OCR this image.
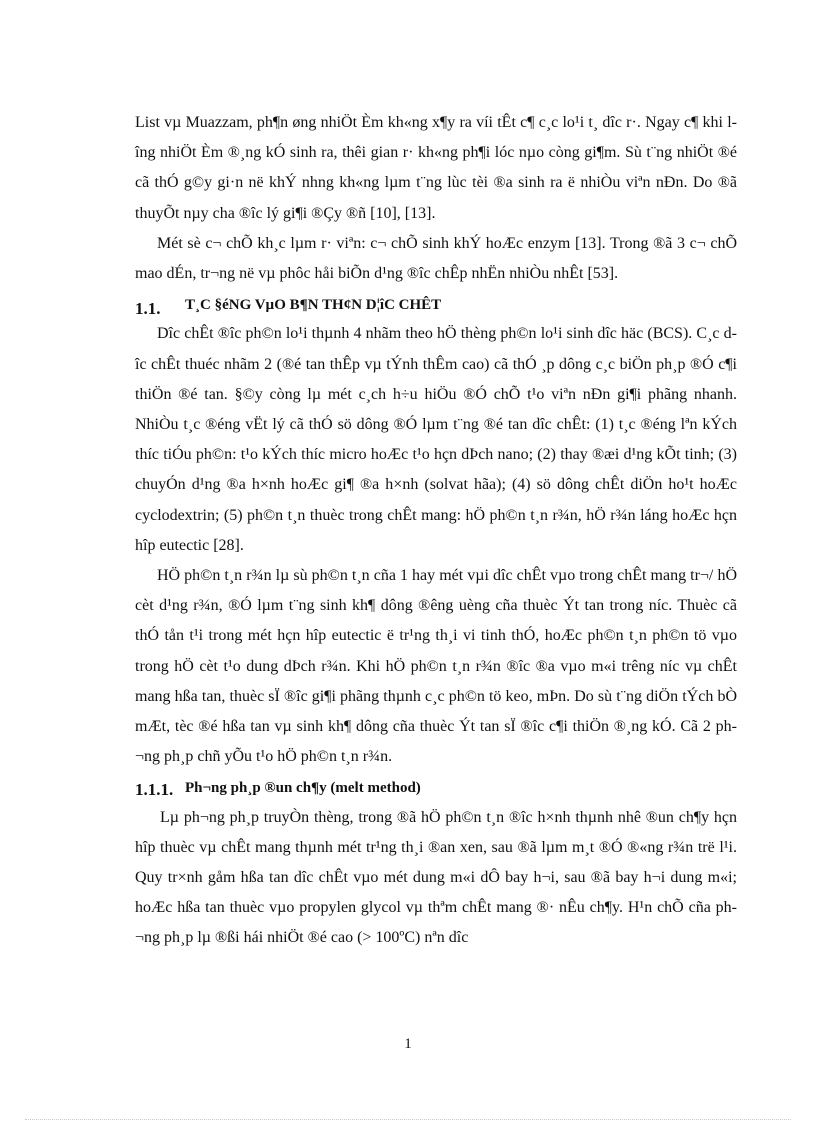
List vµ Muazzam, ph¶n øng nhiÖt Èm kh«ng x¶y ra víi tÊt c¶ c¸c lo¹i t¸ dîc r·. Ngay c¶ khi lîng nhiÖt Èm ®¸ng kÓ sinh ra, thêi gian r· kh«ng ph¶i lóc nµo còng gi¶m. Sù t¨ng nhiÖt ®é cã thÓ g©y gi·n në khÝ nhng kh«ng lµm t¨ng lùc tèi ®a sinh ra ë nhiÒu viªn nÐn. Do ®ã thuyÕt nµy cha ®îc lý gi¶i ®Çy ®ñ [10], [13].

Mét sè c¬ chÕ kh¸c lµm r· viªn: c¬ chÕ sinh khÝ hoÆc enzym [13]. Trong ®ã 3 c¬ chÕ mao dÉn, tr¬ng në vµ phôc håi biÕn d¹ng ®îc chÊp nhËn nhiÒu nhÊt [53].

1.1.	T¸C §éNG VµO B¶N TH¢N D¦îC CHÊT

Dîc chÊt ®îc ph©n lo¹i thµnh 4 nhãm theo hÖ thèng ph©n lo¹i sinh dîc häc (BCS). C¸c dîc chÊt thuéc nhãm 2 (®é tan thÊp vµ tÝnh thÊm cao) cã thÓ ¸p dông c¸c biÖn ph¸p ®Ó c¶i thiÖn ®é tan. §©y còng lµ mét c¸ch h÷u hiÖu ®Ó chÕ t¹o viªn nÐn gi¶i phãng nhanh. NhiÒu t¸c ®éng vËt lý cã thÓ sö dông ®Ó lµm t¨ng ®é tan dîc chÊt: (1) t¸c ®éng lªn kÝch thíc tiÓu ph©n: t¹o kÝch thíc micro hoÆc t¹o hçn dÞch nano; (2) thay ®æi d¹ng kÕt tinh; (3) chuyÓn d¹ng ®a h×nh hoÆc gi¶ ®a h×nh (solvat hãa); (4) sö dông chÊt diÖn ho¹t hoÆc cyclodextrin; (5) ph©n t¸n thuèc trong chÊt mang: hÖ ph©n t¸n r¾n, hÖ r¾n láng hoÆc hçn hîp eutectic [28].

HÖ ph©n t¸n r¾n lµ sù ph©n t¸n cña 1 hay mét vµi dîc chÊt vµo trong chÊt mang tr¬/ hÖ cèt d¹ng r¾n, ®Ó lµm t¨ng sinh kh¶ dông ®êng uèng cña thuèc Ýt tan trong níc. Thuèc cã thÓ tån t¹i trong mét hçn hîp eutectic ë tr¹ng th¸i vi tinh thÓ, hoÆc ph©n t¸n ph©n tö vµo trong hÖ cèt t¹o dung dÞch r¾n. Khi hÖ ph©n t¸n r¾n ®îc ®a vµo m«i trêng níc vµ chÊt mang hßa tan, thuèc sÏ ®îc gi¶i phãng thµnh c¸c ph©n tö keo, mÞn. Do sù t¨ng diÖn tÝch bÒ mÆt, tèc ®é hßa tan vµ sinh kh¶ dông cña thuèc Ýt tan sÏ ®îc c¶i thiÖn ®¸ng kÓ. Cã 2 ph¬ng ph¸p chñ yÕu t¹o hÖ ph©n t¸n r¾n.

1.1.1. Ph¬ng ph¸p ®un ch¶y (melt method)

Lµ ph¬ng ph¸p truyÒn thèng, trong ®ã hÖ ph©n t¸n ®îc h×nh thµnh nhê ®un ch¶y hçn hîp thuèc vµ chÊt mang thµnh mét tr¹ng th¸i ®an xen, sau ®ã lµm m¸t ®Ó ®«ng r¾n trë l¹i. Quy tr×nh gåm hßa tan dîc chÊt vµo mét dung m«i dÔ bay h¬i, sau ®ã bay h¬i dung m«i; hoÆc hßa tan thuèc vµo propylen glycol vµ thªm chÊt mang ®· nÊu ch¶y. H¹n chÕ cña ph¬ng ph¸p lµ ®ßi hái nhiÖt ®é cao (> 100ºC) nªn dîc

1
